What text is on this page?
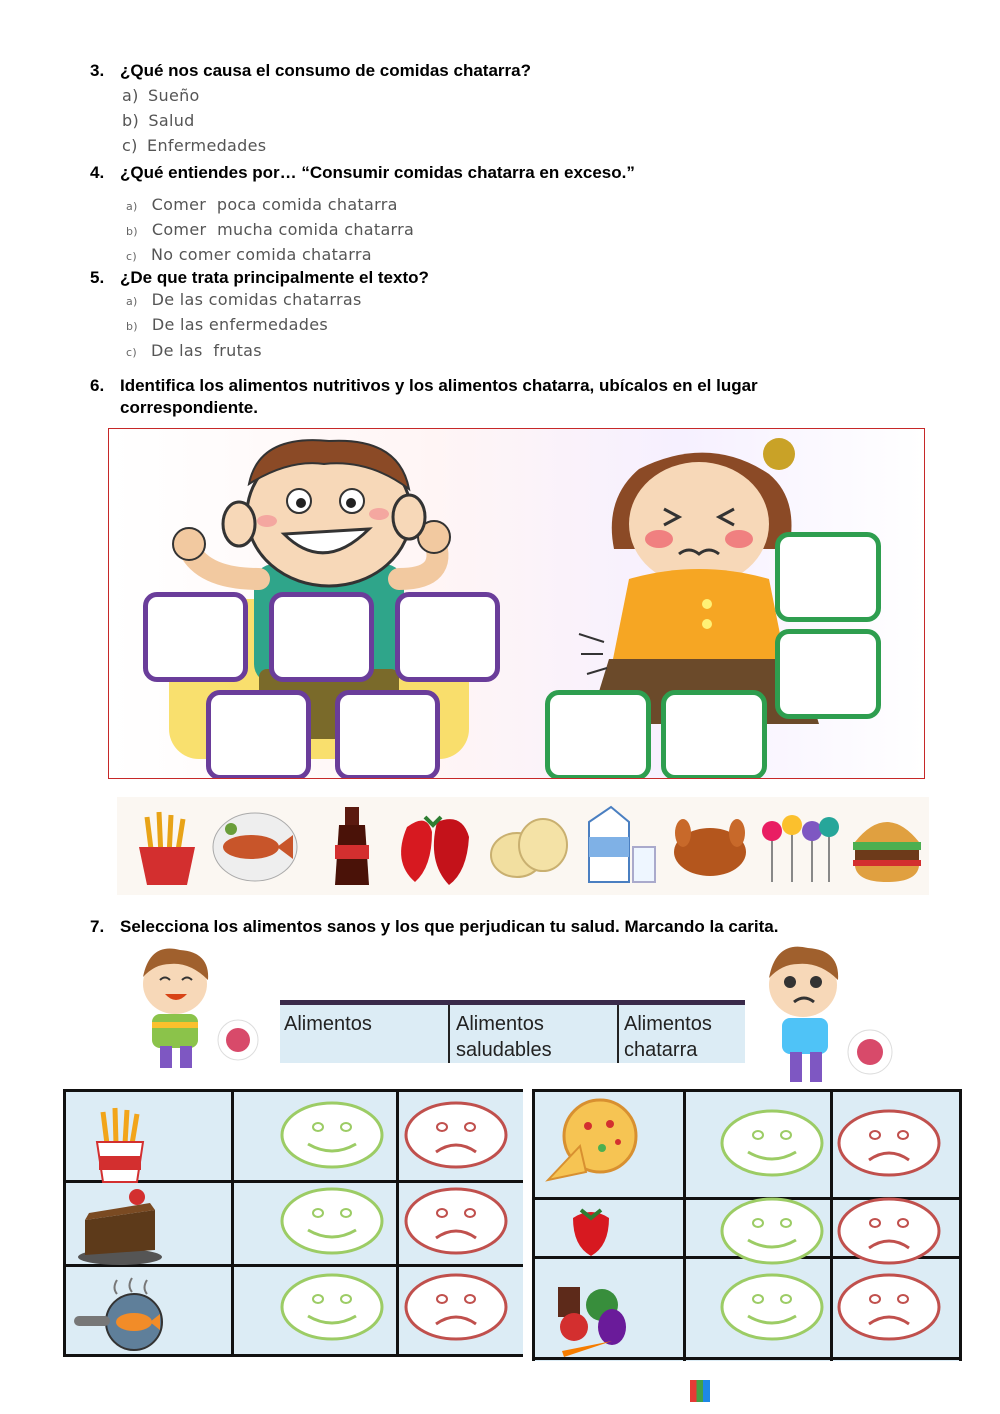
3. ¿Qué nos causa el consumo de comidas chatarra?
a) Sueño
b) Salud
c) Enfermedades
4. ¿Qué entiendes por… “Consumir comidas chatarra en exceso.”
a) Comer  poca comida chatarra
b) Comer  mucha comida chatarra
c) No comer comida chatarra
5. ¿De que trata principalmente el texto?
a) De las comidas chatarras
b) De las enfermedades
c) De las  frutas
6. Identifica los alimentos nutritivos y los alimentos chatarra, ubícalos en el lugar correspondiente.
7. Selecciona los alimentos sanos y los que perjudican tu salud. Marcando la carita.
Alimentos	Alimentos
saludables
Alimentos
chatarra
